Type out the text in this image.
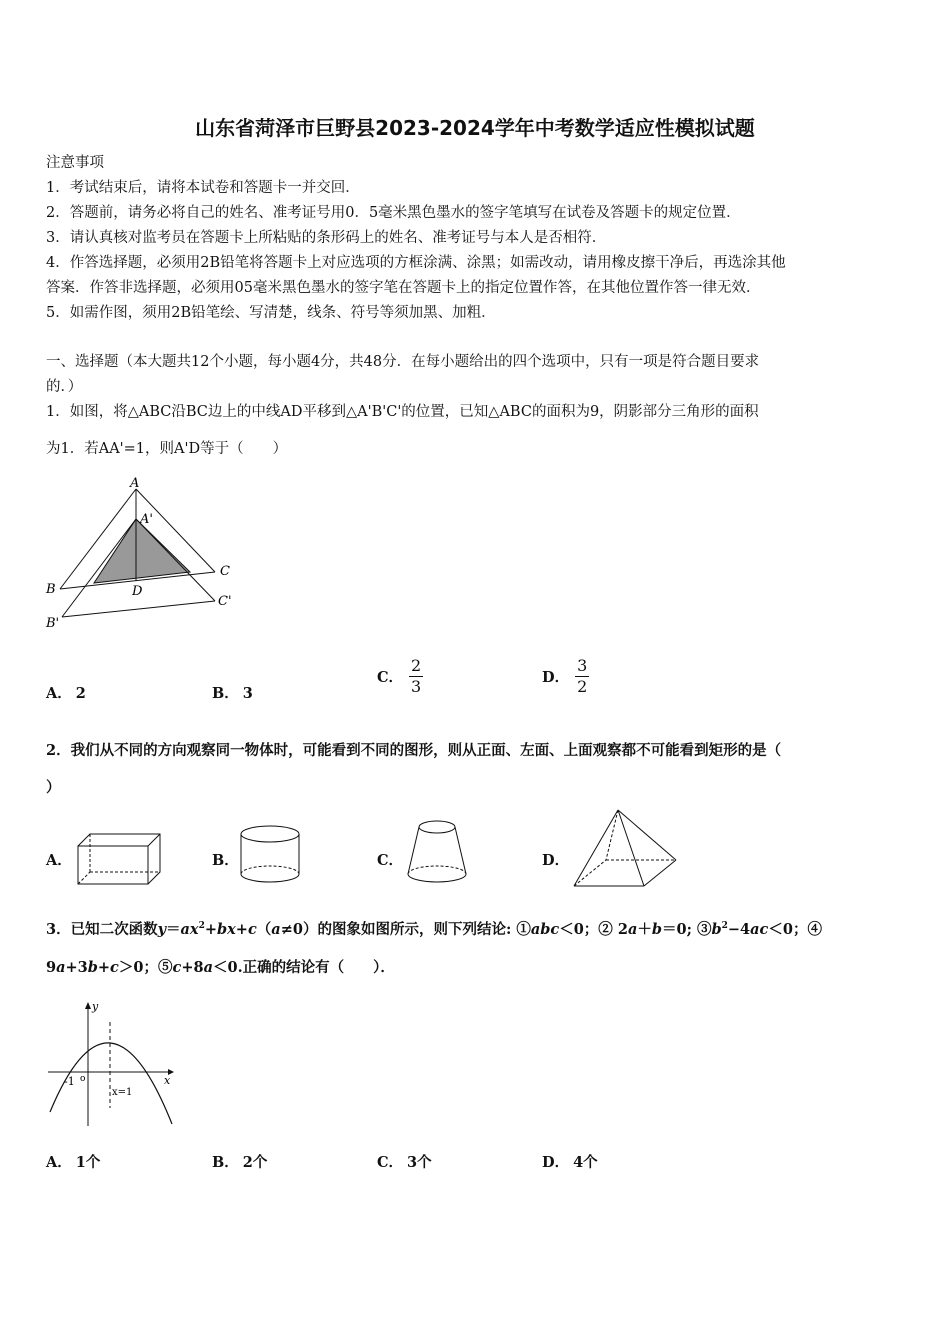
山东省菏泽市巨野县2023-2024学年中考数学适应性模拟试题
注意事项
1．考试结束后，请将本试卷和答题卡一并交回．
2．答题前，请务必将自己的姓名、准考证号用0．5毫米黑色墨水的签字笔填写在试卷及答题卡的规定位置．
3．请认真核对监考员在答题卡上所粘贴的条形码上的姓名、准考证号与本人是否相符．
4．作答选择题，必须用2B铅笔将答题卡上对应选项的方框涂满、涂黑；如需改动，请用橡皮擦干净后，再选涂其他
答案．作答非选择题，必须用05毫米黑色墨水的签字笔在答题卡上的指定位置作答，在其他位置作答一律无效．
5．如需作图，须用2B铅笔绘、写清楚，线条、符号等须加黑、加粗．
一、选择题（本大题共12个小题，每小题4分，共48分．在每小题给出的四个选项中，只有一项是符合题目要求
的．）
1．如图，将△ABC沿BC边上的中线AD平移到△A'B'C'的位置，已知△ABC的面积为9，阴影部分三角形的面积
为1．若AA'=1，则A'D等于（　　）
A
A'
B
B'
C
C'
D
A． 2	B． 3
C． $\frac{2}{3}$	D． $\frac{3}{2}$
2．我们从不同的方向观察同一物体时，可能看到不同的图形，则从正面、左面、上面观察都不可能看到矩形的是（
）
A．	B．	C．	D．
3．已知二次函数$y=ax^2+bx+c(a\ne 0)$的图象如图所示，则下列结论: ①abc＜0；② 2a＋b＝0; $③b^2-4ac<0$；④
9a+3b+c＞0；⑤c+8a＜0.正确的结论有（　　）．
y
x
-1 o
x=1
A． 1个	B． 2个	C． 3个	D． 4个
